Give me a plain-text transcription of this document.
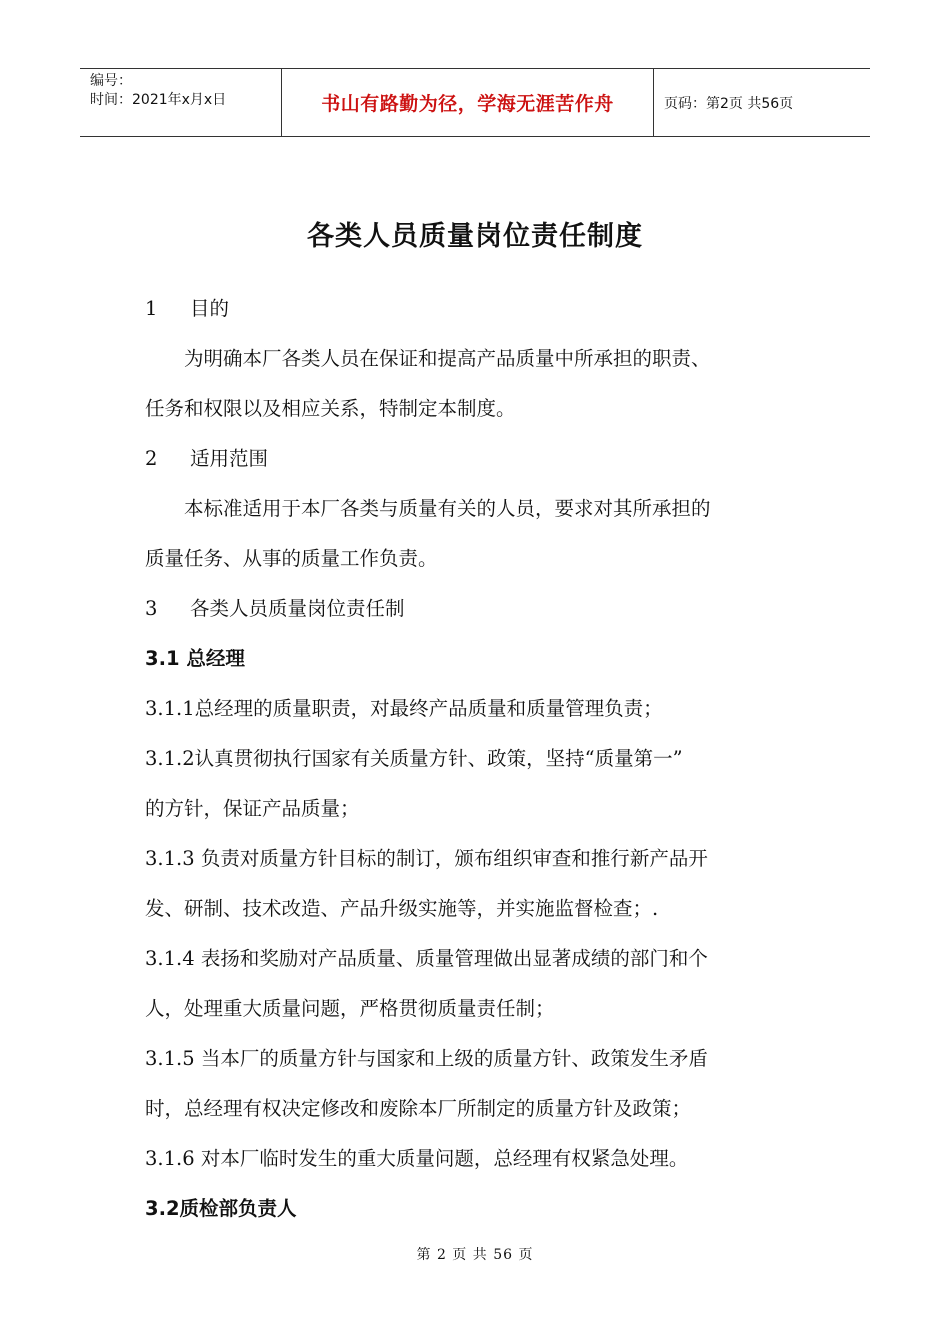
编号：
时间：2021年x月x日	书山有路勤为径，学海无涯苦作舟	页码：第2页 共56页
各类人员质量岗位责任制度
1 目的
　　为明确本厂各类人员在保证和提高产品质量中所承担的职责、
任务和权限以及相应关系，特制定本制度。
2 适用范围
　　本标准适用于本厂各类与质量有关的人员，要求对其所承担的
质量任务、从事的质量工作负责。
3 各类人员质量岗位责任制
3.1 总经理
3.1.1总经理的质量职责，对最终产品质量和质量管理负责；
3.1.2认真贯彻执行国家有关质量方针、政策，坚持“质量第一”
的方针，保证产品质量；
3.1.3 负责对质量方针目标的制订，颁布组织审查和推行新产品开
发、研制、技术改造、产品升级实施等，并实施监督检查；.
3.1.4 表扬和奖励对产品质量、质量管理做出显著成绩的部门和个
人，处理重大质量问题，严格贯彻质量责任制；
3.1.5 当本厂的质量方针与国家和上级的质量方针、政策发生矛盾
时，总经理有权决定修改和废除本厂所制定的质量方针及政策；
3.1.6 对本厂临时发生的重大质量问题，总经理有权紧急处理。
3.2质检部负责人
第 2 页 共 56 页
